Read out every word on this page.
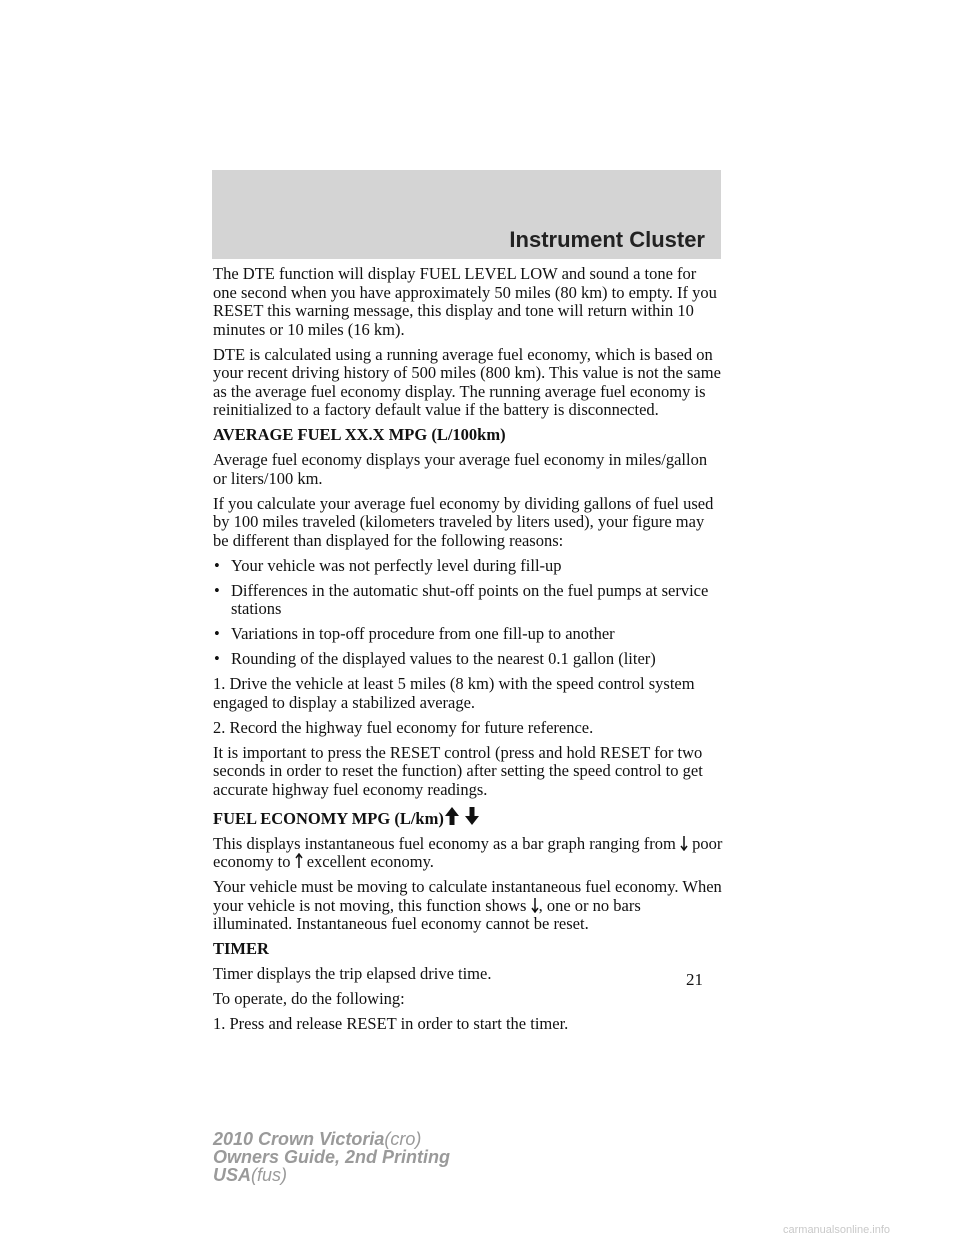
Instrument Cluster

The DTE function will display FUEL LEVEL LOW and sound a tone for one second when you have approximately 50 miles (80 km) to empty. If you RESET this warning message, this display and tone will return within 10 minutes or 10 miles (16 km).

DTE is calculated using a running average fuel economy, which is based on your recent driving history of 500 miles (800 km). This value is not the same as the average fuel economy display. The running average fuel economy is reinitialized to a factory default value if the battery is disconnected.

AVERAGE FUEL XX.X MPG (L/100km)

Average fuel economy displays your average fuel economy in miles/gallon or liters/100 km.

If you calculate your average fuel economy by dividing gallons of fuel used by 100 miles traveled (kilometers traveled by liters used), your figure may be different than displayed for the following reasons:

• Your vehicle was not perfectly level during fill-up
• Differences in the automatic shut-off points on the fuel pumps at service stations
• Variations in top-off procedure from one fill-up to another
• Rounding of the displayed values to the nearest 0.1 gallon (liter)

1. Drive the vehicle at least 5 miles (8 km) with the speed control system engaged to display a stabilized average.

2. Record the highway fuel economy for future reference.

It is important to press the RESET control (press and hold RESET for two seconds in order to reset the function) after setting the speed control to get accurate highway fuel economy readings.

FUEL ECONOMY MPG (L/km)

This displays instantaneous fuel economy as a bar graph ranging from poor economy to excellent economy.

Your vehicle must be moving to calculate instantaneous fuel economy. When your vehicle is not moving, this function shows , one or no bars illuminated. Instantaneous fuel economy cannot be reset.

TIMER

Timer displays the trip elapsed drive time.

To operate, do the following:

1. Press and release RESET in order to start the timer.

21
2010 Crown Victoria(cro)
Owners Guide, 2nd Printing
USA(fus)
carmanualsonline.info
